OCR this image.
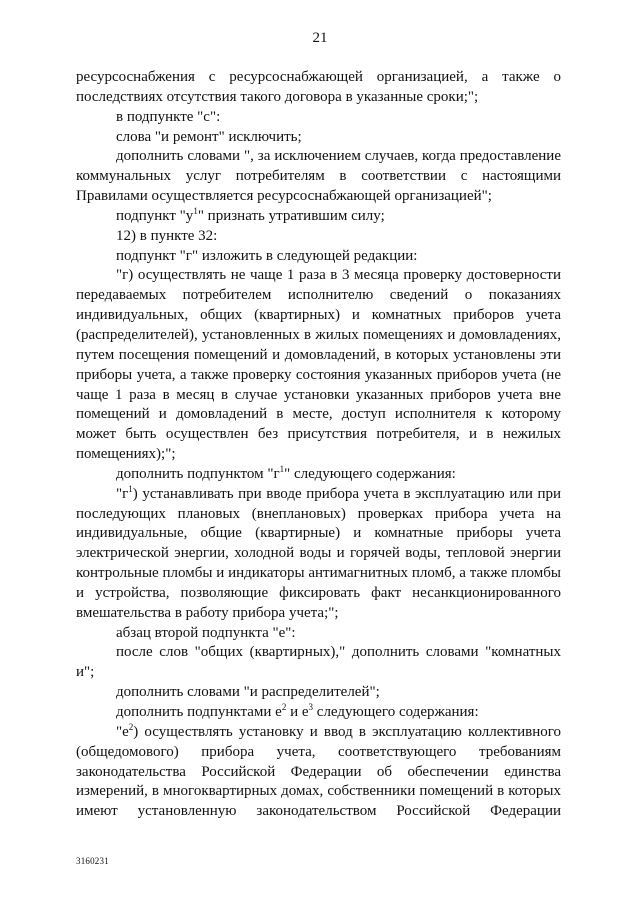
21

ресурсоснабжения с ресурсоснабжающей организацией, а также о последствиях отсутствия такого договора в указанные сроки;";

в подпункте "с":

слова "и ремонт" исключить;

дополнить словами ", за исключением случаев, когда предоставление коммунальных услуг потребителям в соответствии с настоящими Правилами осуществляется ресурсоснабжающей организацией";

подпункт "$у^1$" признать утратившим силу;

12) в пункте 32:

подпункт "г" изложить в следующей редакции:

"г) осуществлять не чаще 1 раза в 3 месяца проверку достоверности передаваемых потребителем исполнителю сведений о показаниях индивидуальных, общих (квартирных) и комнатных приборов учета (распределителей), установленных в жилых помещениях и домовладениях, путем посещения помещений и домовладений, в которых установлены эти приборы учета, а также проверку состояния указанных приборов учета (не чаще 1 раза в месяц в случае установки указанных приборов учета вне помещений и домовладений в месте, доступ исполнителя к которому может быть осуществлен без присутствия потребителя, и в нежилых помещениях);";

дополнить подпунктом "$г^1$" следующего содержания:

"$г^1$) устанавливать при вводе прибора учета в эксплуатацию или при последующих плановых (внеплановых) проверках прибора учета на индивидуальные, общие (квартирные) и комнатные приборы учета электрической энергии, холодной воды и горячей воды, тепловой энергии контрольные пломбы и индикаторы антимагнитных пломб, а также пломбы и устройства, позволяющие фиксировать факт несанкционированного вмешательства в работу прибора учета;";

абзац второй подпункта "е":

после слов "общих (квартирных)," дополнить словами "комнатных и";

дополнить словами "и распределителей";

дополнить подпунктами $е^2$ и $е^3$ следующего содержания:

"$е^2$) осуществлять установку и ввод в эксплуатацию коллективного (общедомового) прибора учета, соответствующего требованиям законодательства Российской Федерации об обеспечении единства измерений, в многоквартирных домах, собственники помещений в которых имеют установленную законодательством Российской Федерации

3160231
